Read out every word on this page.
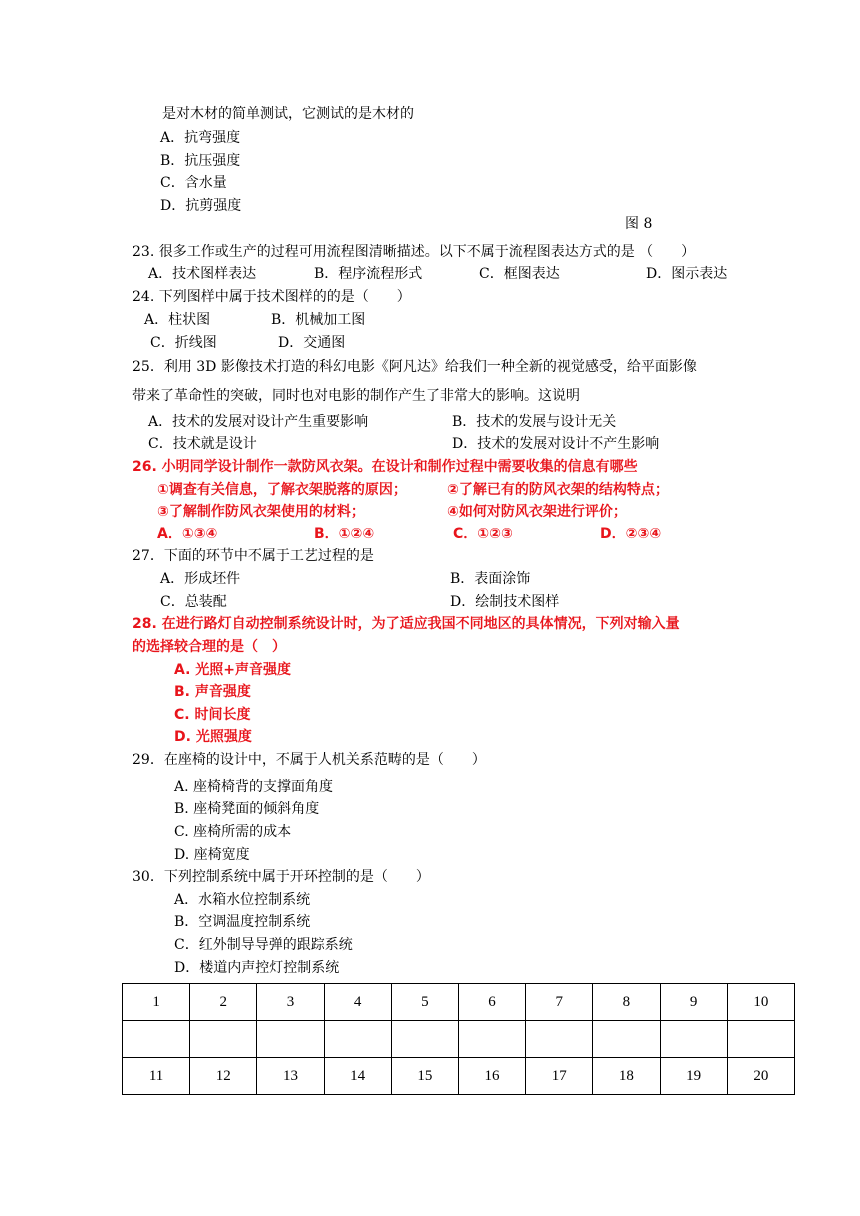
是对木材的简单测试，它测试的是木材的
A．抗弯强度
B．抗压强度
C．含水量
D．抗剪强度
图 8
23. 很多工作或生产的过程可用流程图清晰描述。以下不属于流程图表达方式的是 （　　）
A．技术图样表达	B．程序流程形式	C．框图表达	D．图示表达
24. 下列图样中属于技术图样的的是（　　）
A．柱状图	B．机械加工图
C．折线图	D．交通图
25．利用 3D 影像技术打造的科幻电影《阿凡达》给我们一种全新的视觉感受，给平面影像
带来了革命性的突破，同时也对电影的制作产生了非常大的影响。这说明
A．技术的发展对设计产生重要影响	B．技术的发展与设计无关
C．技术就是设计	D．技术的发展对设计不产生影响
26. 小明同学设计制作一款防风衣架。在设计和制作过程中需要收集的信息有哪些
①调查有关信息，了解衣架脱落的原因；	②了解已有的防风衣架的结构特点；
③了解制作防风衣架使用的材料；	④如何对防风衣架进行评价；
A．①③④	B．①②④	C．①②③	D．②③④
27．下面的环节中不属于工艺过程的是
A．形成坯件	B．表面涂饰
C．总装配	D．绘制技术图样
28. 在进行路灯自动控制系统设计时，为了适应我国不同地区的具体情况，下列对输入量
的选择较合理的是（　）
A. 光照+声音强度
B. 声音强度
C. 时间长度
D. 光照强度
29．在座椅的设计中，不属于人机关系范畴的是（　　）
A. 座椅椅背的支撑面角度
B. 座椅凳面的倾斜角度
C. 座椅所需的成本
D. 座椅宽度
30．下列控制系统中属于开环控制的是（　　）
A．水箱水位控制系统
B．空调温度控制系统
C．红外制导导弹的跟踪系统
D．楼道内声控灯控制系统
1	2	3	4	5	6	7	8	9	10

11	12	13	14	15	16	17	18	19	20
